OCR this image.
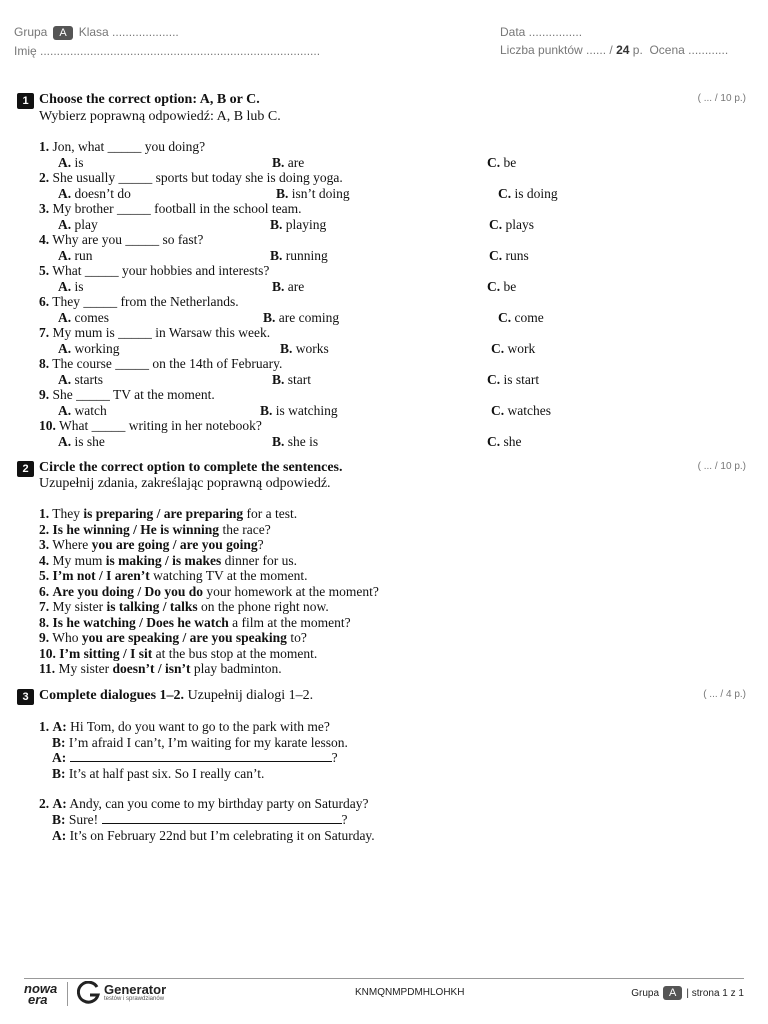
Grupa A Klasa ....................
Imię ....................................................................................
Data ................
Liczba punktów ...... / 24 p. Ocena ............
1 Choose the correct option: A, B or C.
Wybierz poprawną odpowiedź: A, B lub C.
( ... / 10 p.)
1. Jon, what _____ you doing?
A. is	B. are	C. be
2. She usually _____ sports but today she is doing yoga.
A. doesn’t do	B. isn’t doing	C. is doing
3. My brother _____ football in the school team.
A. play	B. playing	C. plays
4. Why are you _____ so fast?
A. run	B. running	C. runs
5. What _____ your hobbies and interests?
A. is	B. are	C. be
6. They _____ from the Netherlands.
A. comes	B. are coming	C. come
7. My mum is _____ in Warsaw this week.
A. working	B. works	C. work
8. The course _____ on the 14th of February.
A. starts	B. start	C. is start
9. She _____ TV at the moment.
A. watch	B. is watching	C. watches
10. What _____ writing in her notebook?
A. is she	B. she is	C. she
2 Circle the correct option to complete the sentences.
Uzupełnij zdania, zakreślając poprawną odpowiedź.
( ... / 10 p.)
1. They is preparing / are preparing for a test.
2. Is he winning / He is winning the race?
3. Where you are going / are you going?
4. My mum is making / is makes dinner for us.
5. I’m not / I aren’t watching TV at the moment.
6. Are you doing / Do you do your homework at the moment?
7. My sister is talking / talks on the phone right now.
8. Is he watching / Does he watch a film at the moment?
9. Who you are speaking / are you speaking to?
10. I’m sitting / I sit at the bus stop at the moment.
11. My sister doesn’t / isn’t play badminton.
3 Complete dialogues 1–2. Uzupełnij dialogi 1–2.	( ... / 4 p.)
1. A: Hi Tom, do you want to go to the park with me?
B: I’m afraid I can’t, I’m waiting for my karate lesson.
A:	?
B: It’s at half past six. So I really can’t.
2. A: Andy, can you come to my birthday party on Saturday?
B: Sure!	?
A: It’s on February 22nd but I’m celebrating it on Saturday.
nowa
era
Generator
testów i sprawdzianów
KNMQNMPDMHLOHKH	Grupa A | strona 1 z 1
